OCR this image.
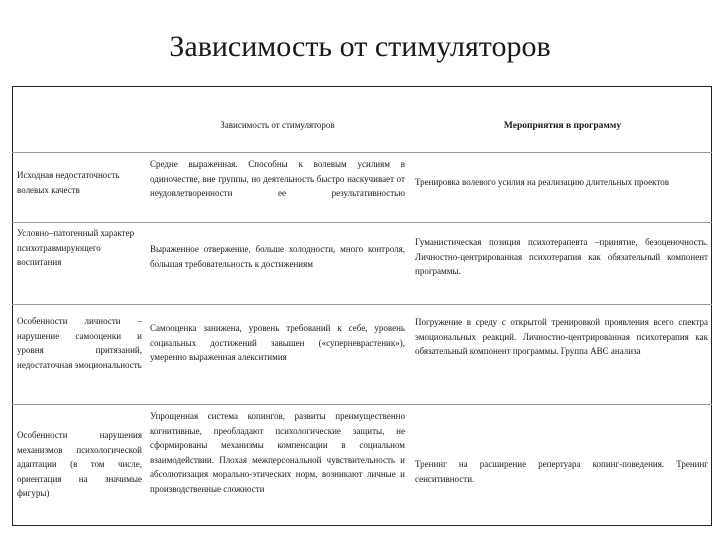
Зависимость от стимуляторов
Зависимость от стимуляторов	Мероприятия в программу
Исходная недостаточность волевых качеств
Средне выраженная. Способны к волевым усилиям в одиночестве, вне группы, но деятельность быстро наскучивает от неудовлетворенности ее результативностью
Тренировка волевого усилия на реализацию длительных проектов
Условно–патогенный характер психотравмирующего воспитания
Выраженное отвержение, больше холодности, много контроля, большая требовательность к достижениям
Гуманистическая позиция психотерапевта –принятие, безоценочность. Личностно-центрированная психотерапия как обязательный компонент программы.
Особенности личности – нарушение самооценки и уровня притязаний, недостаточная эмоциональность
Самооценка занижена, уровень требований к себе, уровень социальных достижений завышен («суперневрастеник»), умеренно выраженная алекситимия
Погружение в среду с открытой тренировкой проявления всего спектра эмоциональных реакций. Личностно-центрированная психотерапия как обязательный компонент программы. Группа АВС анализа
Особенности нарушения механизмов психологической адаптации (в том числе, ориентация на значимые фигуры)
Упрощенная система копингов, развиты преимущественно когнитивные, преобладают психологические защиты, не сформированы механизмы компенсации в социальном взаимодействии. Плохая межперсональной чувствительность и абсолютизация морально-этических норм, возникают личные и производственные сложности
Тренинг на расширение репертуара копинг-поведения. Тренинг сенситивности.
